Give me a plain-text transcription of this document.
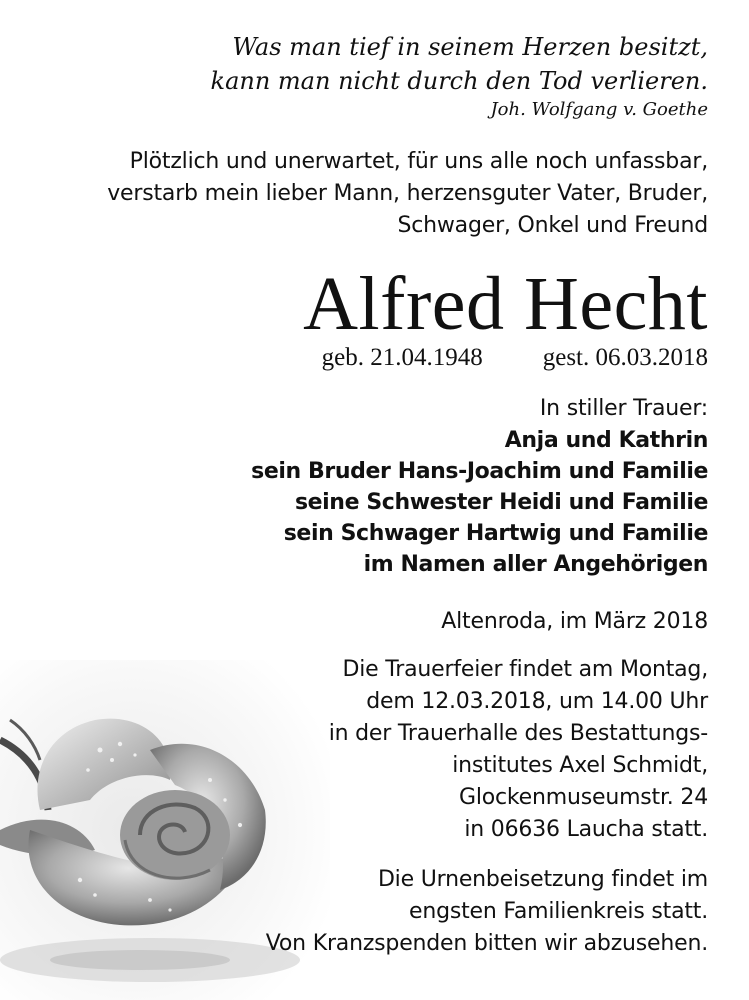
Was man tief in seinem Herzen besitzt,
kann man nicht durch den Tod verlieren.
Joh. Wolfgang v. Goethe
Plötzlich und unerwartet, für uns alle noch unfassbar,
verstarb mein lieber Mann, herzensguter Vater, Bruder,
Schwager, Onkel und Freund
Alfred Hecht
geb. 21.04.1948 gest. 06.03.2018
In stiller Trauer:
Anja und Kathrin
sein Bruder Hans-Joachim und Familie
seine Schwester Heidi und Familie
sein Schwager Hartwig und Familie
im Namen aller Angehörigen
Altenroda, im März 2018
Die Trauerfeier findet am Montag,
dem 12.03.2018, um 14.00 Uhr
in der Trauerhalle des Bestattungs-
institutes Axel Schmidt,
Glockenmuseumstr. 24
in 06636 Laucha statt.
Die Urnenbeisetzung findet im
engsten Familienkreis statt.
Von Kranzspenden bitten wir abzusehen.
